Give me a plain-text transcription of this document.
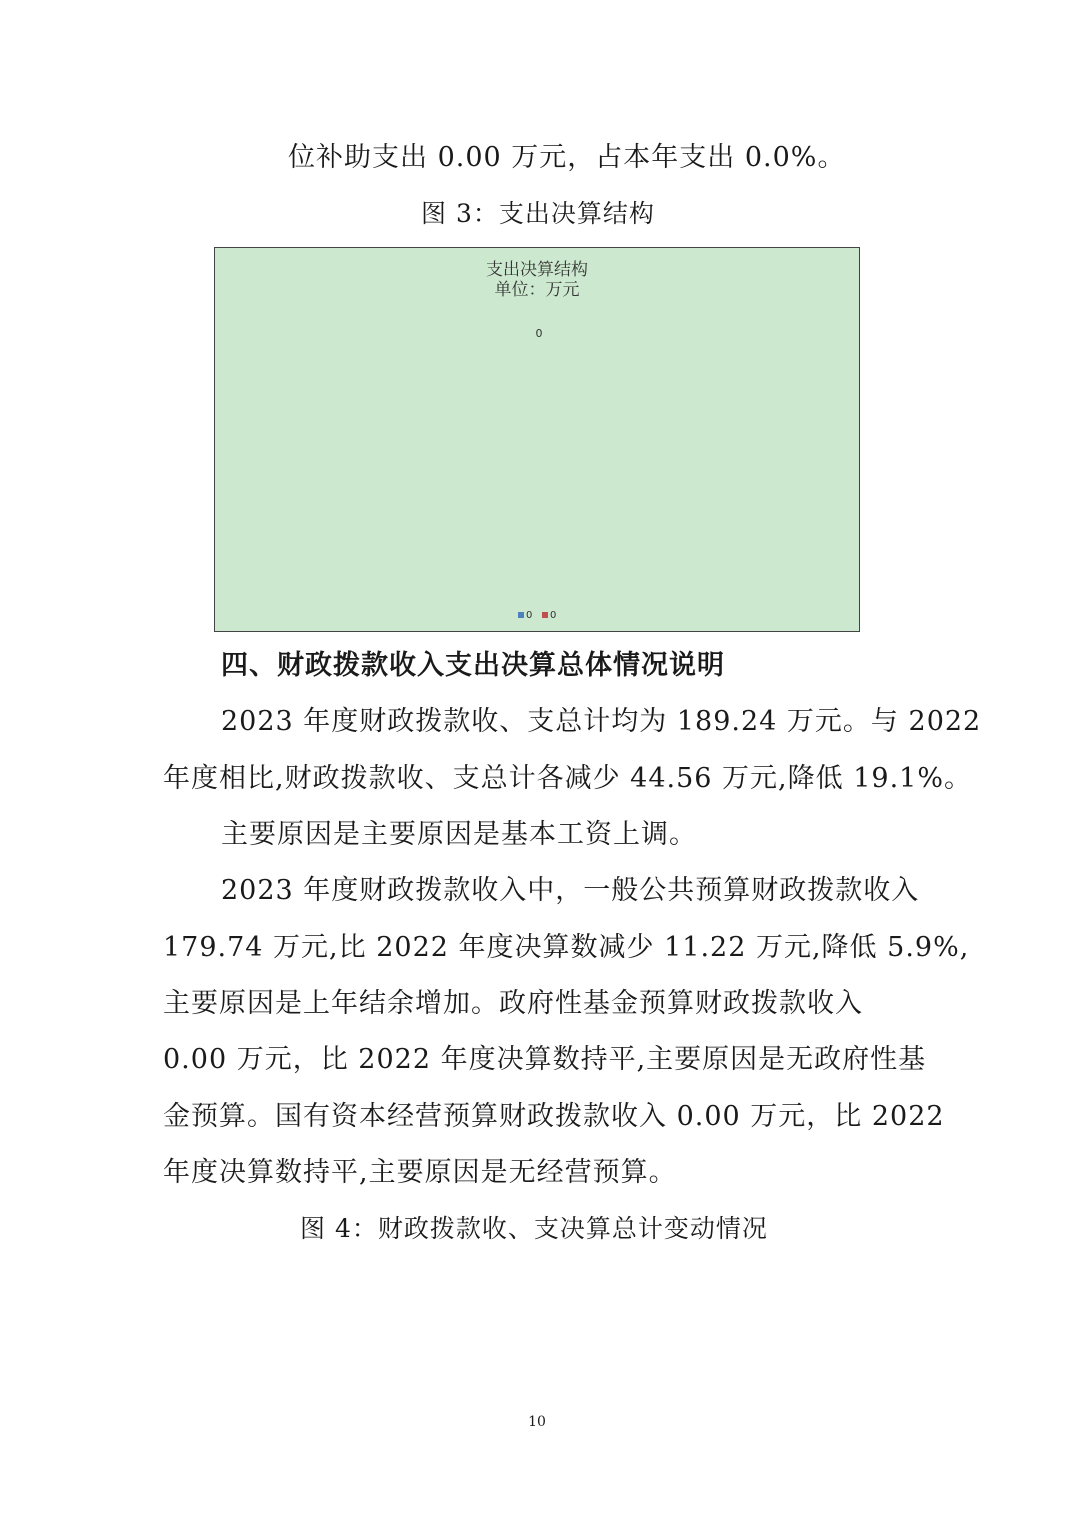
位补助支出 0.00 万元，占本年支出 0.0%。
图 3：支出决算结构
支出决算结构
单位：万元
0
0 0
四、财政拨款收入支出决算总体情况说明
2023 年度财政拨款收、支总计均为 189.24 万元。与 2022
年度相比,财政拨款收、支总计各减少 44.56 万元,降低 19.1%。
主要原因是主要原因是基本工资上调。
2023 年度财政拨款收入中，一般公共预算财政拨款收入
179.74 万元,比 2022 年度决算数减少 11.22 万元,降低 5.9%,
主要原因是上年结余增加。政府性基金预算财政拨款收入
0.00 万元，比 2022 年度决算数持平,主要原因是无政府性基
金预算。国有资本经营预算财政拨款收入 0.00 万元，比 2022
年度决算数持平,主要原因是无经营预算。
图 4：财政拨款收、支决算总计变动情况
10
